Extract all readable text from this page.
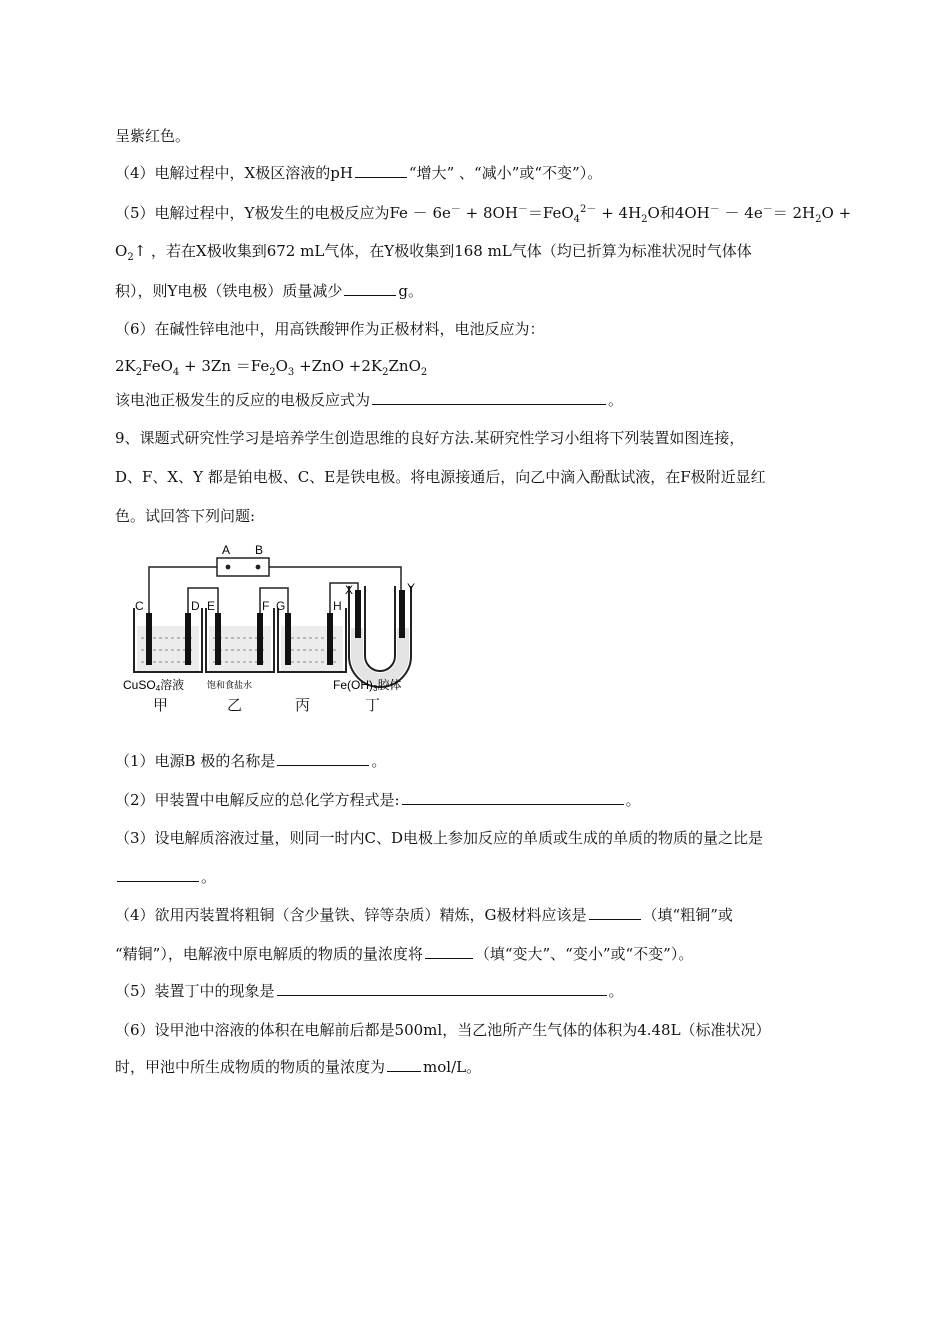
呈紫红色。
（4）电解过程中，X极区溶液的pH	“增大” 、“减小”或“不变”）。
（5）电解过程中，Y极发生的电极反应为$Fe - 6e^- + 8OH^-=FeO_4^{2-} + 4H_2O$和$4OH^- - 4e^-= 2H_2O$ +
$O_2↑$ ，若在X极收集到672 mL气体，在Y极收集到168 mL气体（均已折算为标准状况时气体体
积），则Y电极（铁电极）质量减少	g。
（6）在碱性锌电池中，用高铁酸钾作为正极材料，电池反应为：
$2K_2FeO_4 + 3Zn =Fe_2O_3 +ZnO +2K_2ZnO_2$
该电池正极发生的反应的电极反应式为	。
9、课题式研究性学习是培养学生创造思维的良好方法.某研究性学习小组将下列装置如图连接，
D、F、X、Y 都是铂电极、C、E是铁电极。将电源接通后，向乙中滴入酚酞试液，在F极附近显红
色。试回答下列问题:
A B
C	D E	F G	H
X	Y
CuSO4溶液	饱和食盐水	Fe(OH)3胶体
甲	乙	丙	丁
（1）电源B 极的名称是	。
（2）甲装置中电解反应的总化学方程式是:	。
（3）设电解质溶液过量，则同一时内C、D电极上参加反应的单质或生成的单质的物质的量之比是
。
（4）欲用丙装置将粗铜（含少量铁、锌等杂质）精炼，G极材料应该是	（填“粗铜”或
“精铜”），电解液中原电解质的物质的量浓度将	（填“变大”、“变小”或“不变”）。
（5）装置丁中的现象是	。
（6）设甲池中溶液的体积在电解前后都是500ml，当乙池所产生气体的体积为4.48L（标准状况）
时，甲池中所生成物质的物质的量浓度为	mol/L。
